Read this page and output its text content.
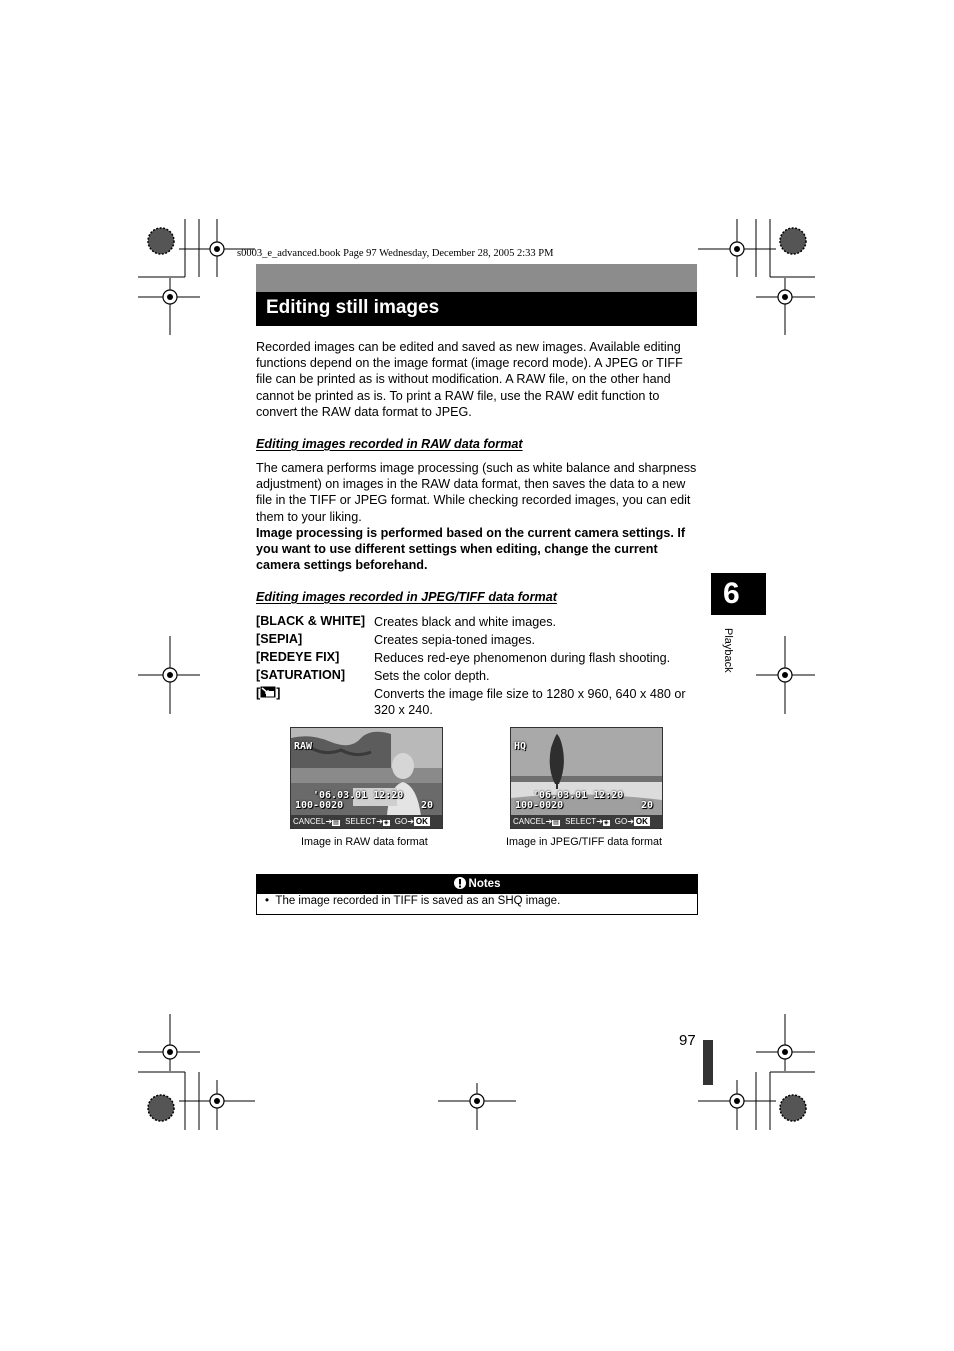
s0003_e_advanced.book Page 97 Wednesday, December 28, 2005 2:33 PM
Editing still images
Recorded images can be edited and saved as new images. Available editing functions depend on the image format (image record mode). A JPEG or TIFF file can be printed as is without modification. A RAW file, on the other hand cannot be printed as is. To print a RAW file, use the RAW edit function to convert the RAW data format to JPEG.
Editing images recorded in RAW data format
The camera performs image processing (such as white balance and sharpness adjustment) on images in the RAW data format, then saves the data to a new file in the TIFF or JPEG format. While checking recorded images, you can edit them to your liking.
Image processing is performed based on the current camera settings. If you want to use different settings when editing, change the current camera settings beforehand.
Editing images recorded in JPEG/TIFF data format
[BLACK & WHITE] Creates black and white images.
[SEPIA]	Creates sepia-toned images.
[REDEYE FIX]	Reduces red-eye phenomenon during flash shooting.
[SATURATION] Sets the color depth.
[ ]	Converts the image file size to 1280 x 960, 640 x 480 or 320 x 240.
6
Playback
RAW
'06.03.01 12:20
100-0020	20
CANCEL➔▤ SELECT➔◈ GO➔ OK
Image in RAW data format
HQ
'06.03.01 12:20
100-0020	20
CANCEL➔▤ SELECT➔◈ GO➔ OK
Image in JPEG/TIFF data format
Notes
•  The image recorded in TIFF is saved as an SHQ image.
97
